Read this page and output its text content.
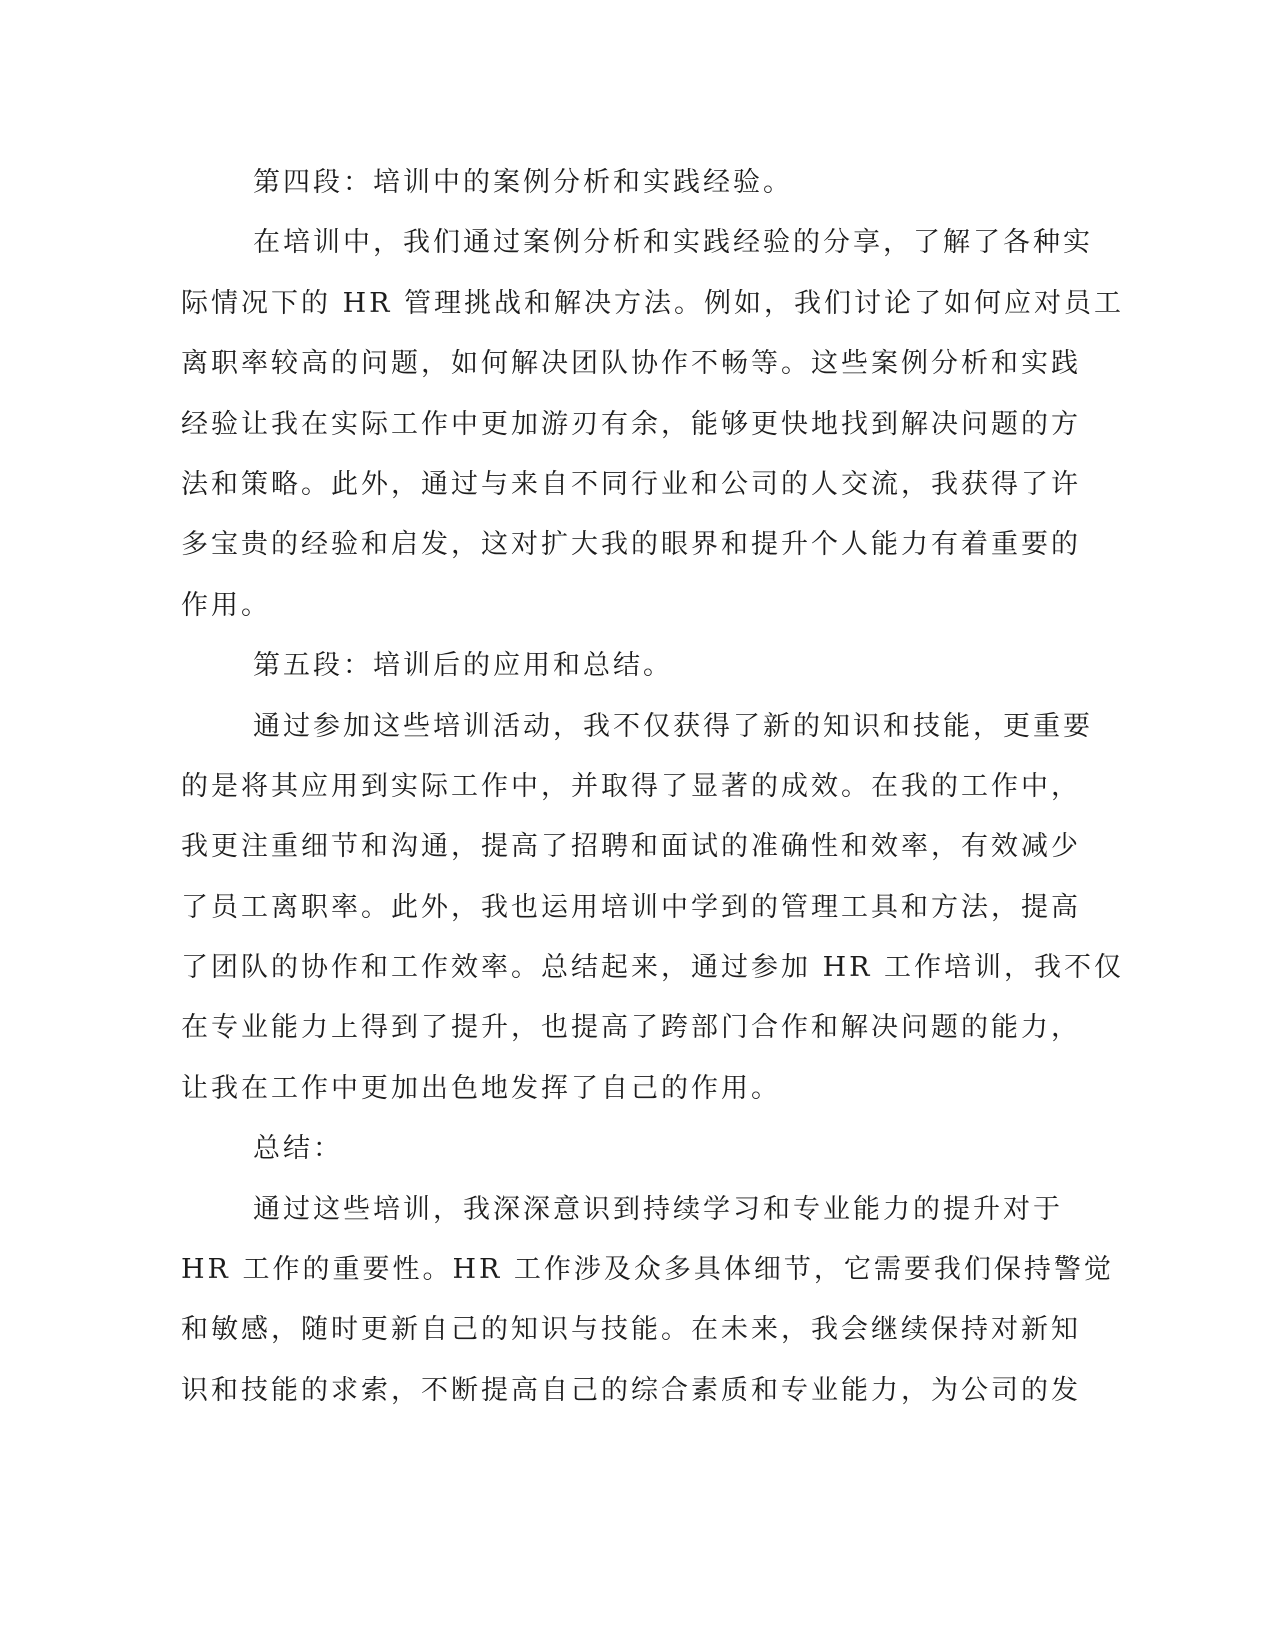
第四段：培训中的案例分析和实践经验。
在培训中，我们通过案例分析和实践经验的分享，了解了各种实
际情况下的 HR 管理挑战和解决方法。例如，我们讨论了如何应对员工
离职率较高的问题，如何解决团队协作不畅等。这些案例分析和实践
经验让我在实际工作中更加游刃有余，能够更快地找到解决问题的方
法和策略。此外，通过与来自不同行业和公司的人交流，我获得了许
多宝贵的经验和启发，这对扩大我的眼界和提升个人能力有着重要的
作用。
第五段：培训后的应用和总结。
通过参加这些培训活动，我不仅获得了新的知识和技能，更重要
的是将其应用到实际工作中，并取得了显著的成效。在我的工作中，
我更注重细节和沟通，提高了招聘和面试的准确性和效率，有效减少
了员工离职率。此外，我也运用培训中学到的管理工具和方法，提高
了团队的协作和工作效率。总结起来，通过参加 HR 工作培训，我不仅
在专业能力上得到了提升，也提高了跨部门合作和解决问题的能力，
让我在工作中更加出色地发挥了自己的作用。
总结：
通过这些培训，我深深意识到持续学习和专业能力的提升对于
HR 工作的重要性。HR 工作涉及众多具体细节，它需要我们保持警觉
和敏感，随时更新自己的知识与技能。在未来，我会继续保持对新知
识和技能的求索，不断提高自己的综合素质和专业能力，为公司的发
